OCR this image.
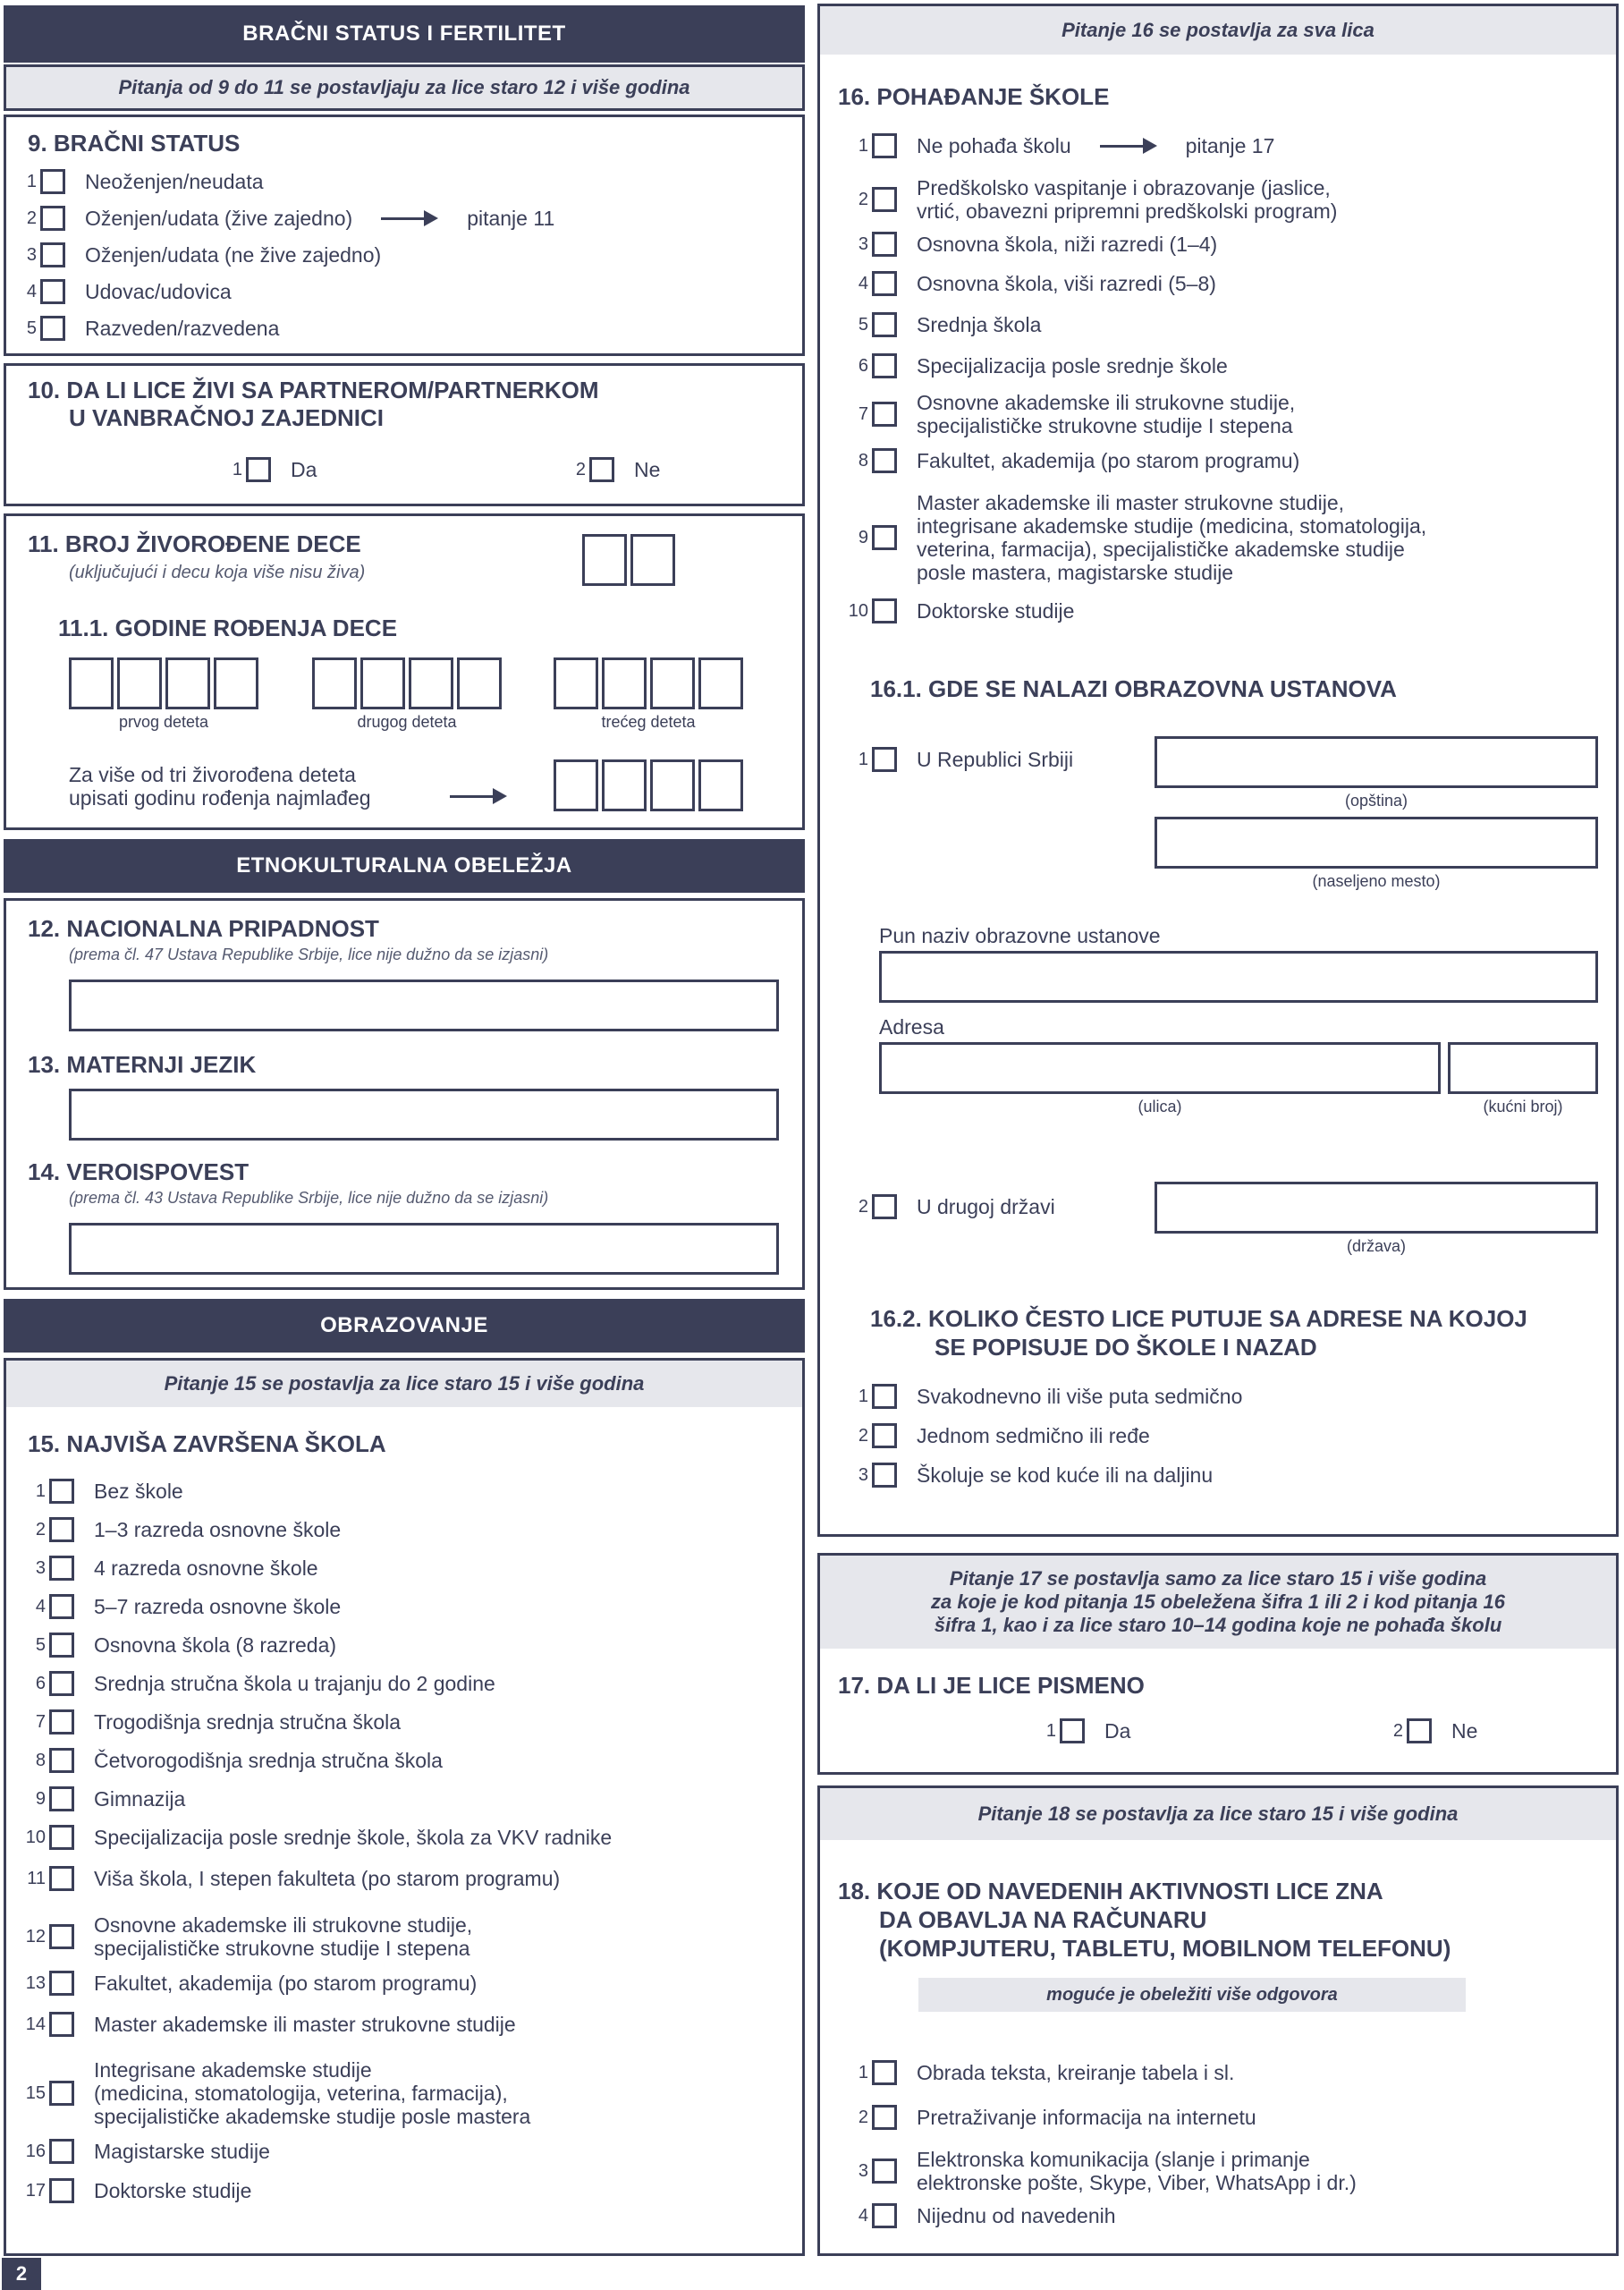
BRAČNI STATUS I FERTILITET
Pitanja od 9 do 11 se postavljaju za lice staro 12 i više godina
9. BRAČNI STATUS
1 Neoženjen/neudata
2 Oženjen/udata (žive zajedno)	pitanje 11
3 Oženjen/udata (ne žive zajedno)
4 Udovac/udovica
5 Razveden/razvedena
10. DA LI LICE ŽIVI SA PARTNEROM/PARTNERKOM
U VANBRAČNOJ ZAJEDNICI
1 Da	2 Ne
11. BROJ ŽIVOROĐENE DECE
(uključujući i decu koja više nisu živa)
11.1. GODINE ROĐENJA DECE
prvog deteta	drugog deteta	trećeg deteta
Za više od tri živorođena deteta
upisati godinu rođenja najmlađeg
ETNOKULTURALNA OBELEŽJA
12. NACIONALNA PRIPADNOST
(prema čl. 47 Ustava Republike Srbije, lice nije dužno da se izjasni)
13. MATERNJI JEZIK
14. VEROISPOVEST
(prema čl. 43 Ustava Republike Srbije, lice nije dužno da se izjasni)
OBRAZOVANJE
Pitanje 15 se postavlja za lice staro 15 i više godina
15. NAJVIŠA ZAVRŠENA ŠKOLA
1 Bez škole
2 1–3 razreda osnovne škole
3 4 razreda osnovne škole
4 5–7 razreda osnovne škole
5 Osnovna škola (8 razreda)
6 Srednja stručna škola u trajanju do 2 godine
7 Trogodišnja srednja stručna škola
8 Četvorogodišnja srednja stručna škola
9 Gimnazija
10 Specijalizacija posle srednje škole, škola za VKV radnike
11 Viša škola, I stepen fakulteta (po starom programu)
12 Osnovne akademske ili strukovne studije,
specijalističke strukovne studije I stepena
13 Fakultet, akademija (po starom programu)
14 Master akademske ili master strukovne studije
15
Integrisane akademske studije
(medicina, stomatologija, veterina, farmacija),
specijalističke akademske studije posle mastera
16 Magistarske studije
17 Doktorske studije
2
Pitanje 16 se postavlja za sva lica
16. POHAĐANJE ŠKOLE
1 Ne pohađa školu	pitanje 17
2 Predškolsko vaspitanje i obrazovanje (jaslice,
vrtić, obavezni pripremni predškolski program)
3 Osnovna škola, niži razredi (1–4)
4 Osnovna škola, viši razredi (5–8)
5 Srednja škola
6 Specijalizacija posle srednje škole
7 Osnovne akademske ili strukovne studije,
specijalističke strukovne studije I stepena
8 Fakultet, akademija (po starom programu)
9
Master akademske ili master strukovne studije,
integrisane akademske studije (medicina, stomatologija,
veterina, farmacija), specijalističke akademske studije
posle mastera, magistarske studije
10 Doktorske studije
16.1. GDE SE NALAZI OBRAZOVNA USTANOVA
1 U Republici Srbiji
(opština)
(naseljeno mesto)
Pun naziv obrazovne ustanove
Adresa
(ulica)	(kućni broj)
2 U drugoj državi
(država)
16.2. KOLIKO ČESTO LICE PUTUJE SA ADRESE NA KOJOJ
SE POPISUJE DO ŠKOLE I NAZAD
1 Svakodnevno ili više puta sedmično
2 Jednom sedmično ili ređe
3 Školuje se kod kuće ili na daljinu
Pitanje 17 se postavlja samo za lice staro 15 i više godina
za koje je kod pitanja 15 obeležena šifra 1 ili 2 i kod pitanja 16
šifra 1, kao i za lice staro 10–14 godina koje ne pohađa školu
17. DA LI JE LICE PISMENO
1 Da	2 Ne
Pitanje 18 se postavlja za lice staro 15 i više godina
18. KOJE OD NAVEDENIH AKTIVNOSTI LICE ZNA
DA OBAVLJA NA RAČUNARU
(KOMPJUTERU, TABLETU, MOBILNOM TELEFONU)
moguće je obeležiti više odgovora
1 Obrada teksta, kreiranje tabela i sl.
2 Pretraživanje informacija na internetu
3 Elektronska komunikacija (slanje i primanje
elektronske pošte, Skype, Viber, WhatsApp i dr.)
4 Nijednu od navedenih
